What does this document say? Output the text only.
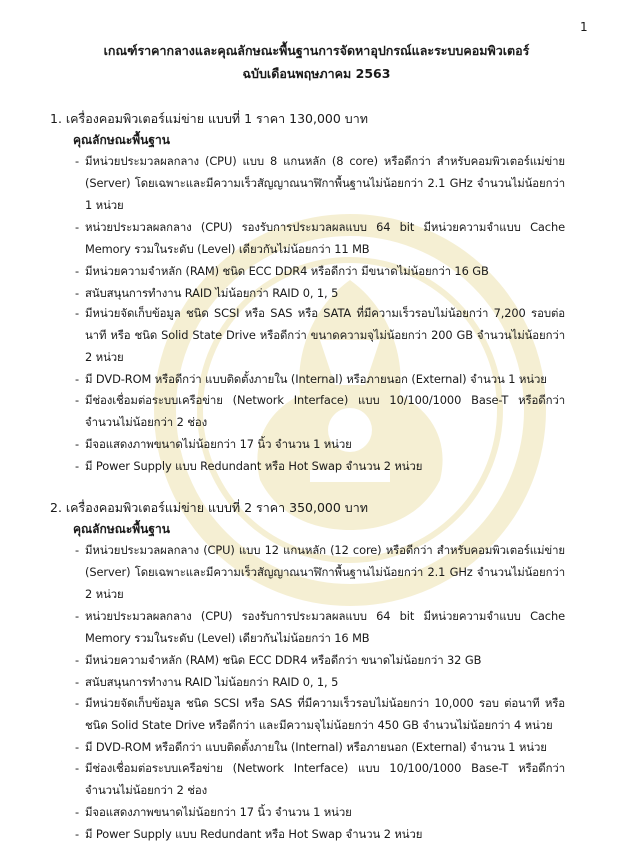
1
เกณฑ์ราคากลางและคุณลักษณะพื้นฐานการจัดหาอุปกรณ์และระบบคอมพิวเตอร์
ฉบับเดือนพฤษภาคม 2563
1. เครื่องคอมพิวเตอร์แม่ข่าย แบบที่ 1 ราคา 130,000 บาท
คุณลักษณะพื้นฐาน
- มีหน่วยประมวลผลกลาง (CPU) แบบ 8 แกนหลัก (8 core) หรือดีกว่า สำหรับคอมพิวเตอร์แม่ข่าย (Server) โดยเฉพาะและมีความเร็วสัญญาณนาฬิกาพื้นฐานไม่น้อยกว่า 2.1 GHz จำนวนไม่น้อยกว่า 1 หน่วย
- หน่วยประมวลผลกลาง (CPU) รองรับการประมวลผลแบบ 64 bit มีหน่วยความจำแบบ Cache Memory รวมในระดับ (Level) เดียวกันไม่น้อยกว่า 11 MB
- มีหน่วยความจำหลัก (RAM) ชนิด ECC DDR4 หรือดีกว่า มีขนาดไม่น้อยกว่า 16 GB
- สนับสนุนการทำงาน RAID ไม่น้อยกว่า RAID 0, 1, 5
- มีหน่วยจัดเก็บข้อมูล ชนิด SCSI หรือ SAS หรือ SATA ที่มีความเร็วรอบไม่น้อยกว่า 7,200 รอบต่อนาที หรือ ชนิด Solid State Drive หรือดีกว่า ขนาดความจุไม่น้อยกว่า 200 GB จำนวนไม่น้อยกว่า 2 หน่วย
- มี DVD-ROM หรือดีกว่า แบบติดตั้งภายใน (Internal) หรือภายนอก (External) จำนวน 1 หน่วย
- มีช่องเชื่อมต่อระบบเครือข่าย (Network Interface) แบบ 10/100/1000 Base-T หรือดีกว่า จำนวนไม่น้อยกว่า 2 ช่อง
- มีจอแสดงภาพขนาดไม่น้อยกว่า 17 นิ้ว จำนวน 1 หน่วย
- มี Power Supply แบบ Redundant หรือ Hot Swap จำนวน 2 หน่วย
2. เครื่องคอมพิวเตอร์แม่ข่าย แบบที่ 2 ราคา 350,000 บาท
คุณลักษณะพื้นฐาน
- มีหน่วยประมวลผลกลาง (CPU) แบบ 12 แกนหลัก (12 core) หรือดีกว่า สำหรับคอมพิวเตอร์แม่ข่าย (Server) โดยเฉพาะและมีความเร็วสัญญาณนาฬิกาพื้นฐานไม่น้อยกว่า 2.1 GHz จำนวนไม่น้อยกว่า 2 หน่วย
- หน่วยประมวลผลกลาง (CPU) รองรับการประมวลผลแบบ 64 bit มีหน่วยความจำแบบ Cache Memory รวมในระดับ (Level) เดียวกันไม่น้อยกว่า 16 MB
- มีหน่วยความจำหลัก (RAM) ชนิด ECC DDR4 หรือดีกว่า ขนาดไม่น้อยกว่า 32 GB
- สนับสนุนการทำงาน RAID ไม่น้อยกว่า RAID 0, 1, 5
- มีหน่วยจัดเก็บข้อมูล ชนิด SCSI หรือ SAS ที่มีความเร็วรอบไม่น้อยกว่า 10,000 รอบ ต่อนาที หรือ ชนิด Solid State Drive หรือดีกว่า และมีความจุไม่น้อยกว่า 450 GB จำนวนไม่น้อยกว่า 4 หน่วย
- มี DVD-ROM หรือดีกว่า แบบติดตั้งภายใน (Internal) หรือภายนอก (External) จำนวน 1 หน่วย
- มีช่องเชื่อมต่อระบบเครือข่าย (Network Interface) แบบ 10/100/1000 Base-T หรือดีกว่า จำนวนไม่น้อยกว่า 2 ช่อง
- มีจอแสดงภาพขนาดไม่น้อยกว่า 17 นิ้ว จำนวน 1 หน่วย
- มี Power Supply แบบ Redundant หรือ Hot Swap จำนวน 2 หน่วย
